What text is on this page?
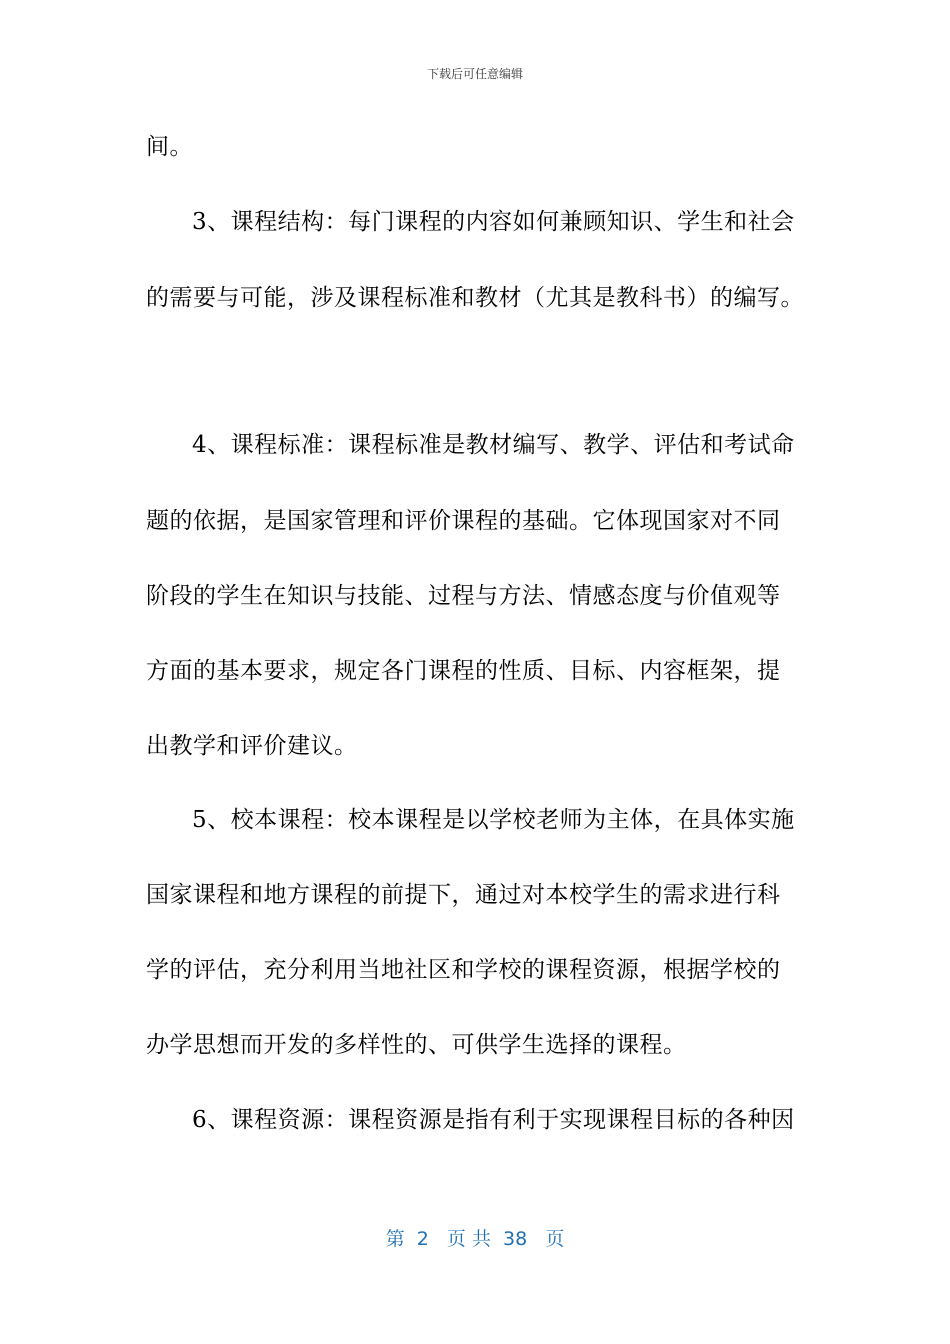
下载后可任意编辑
间。
3、课程结构：每门课程的内容如何兼顾知识、学生和社会
的需要与可能，涉及课程标准和教材（尤其是教科书）的编写。
4、课程标准：课程标准是教材编写、教学、评估和考试命
题的依据，是国家管理和评价课程的基础。它体现国家对不同
阶段的学生在知识与技能、过程与方法、情感态度与价值观等
方面的基本要求，规定各门课程的性质、目标、内容框架，提
出教学和评价建议。
5、校本课程：校本课程是以学校老师为主体，在具体实施
国家课程和地方课程的前提下，通过对本校学生的需求进行科
学的评估，充分利用当地社区和学校的课程资源，根据学校的
办学思想而开发的多样性的、可供学生选择的课程。
6、课程资源：课程资源是指有利于实现课程目标的各种因
第  2   页 共  38   页
